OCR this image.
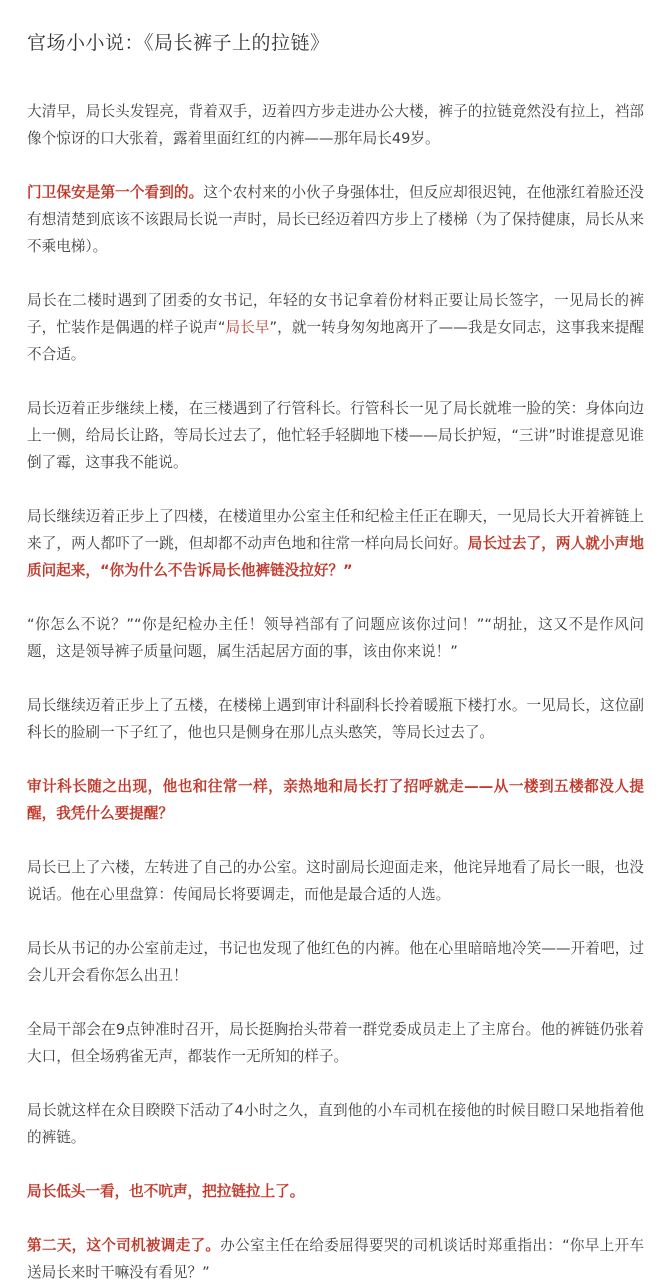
官场小小说：《局长裤子上的拉链》

大清早，局长头发锃亮，背着双手，迈着四方步走进办公大楼，裤子的拉链竟然没有拉上，裆部像个惊讶的口大张着，露着里面红红的内裤——那年局长49岁。

门卫保安是第一个看到的。这个农村来的小伙子身强体壮，但反应却很迟钝，在他涨红着脸还没有想清楚到底该不该跟局长说一声时，局长已经迈着四方步上了楼梯（为了保持健康，局长从来不乘电梯）。

局长在二楼时遇到了团委的女书记，年轻的女书记拿着份材料正要让局长签字，一见局长的裤子，忙装作是偶遇的样子说声“局长早”，就一转身匆匆地离开了——我是女同志，这事我来提醒不合适。

局长迈着正步继续上楼，在三楼遇到了行管科长。行管科长一见了局长就堆一脸的笑：身体向边上一侧，给局长让路，等局长过去了，他忙轻手轻脚地下楼——局长护短，“三讲”时谁提意见谁倒了霉，这事我不能说。

局长继续迈着正步上了四楼，在楼道里办公室主任和纪检主任正在聊天，一见局长大开着裤链上来了，两人都吓了一跳，但却都不动声色地和往常一样向局长问好。局长过去了，两人就小声地质问起来，“你为什么不告诉局长他裤链没拉好？”

“你怎么不说？”“你是纪检办主任！领导裆部有了问题应该你过问！”“胡扯，这又不是作风问题，这是领导裤子质量问题，属生活起居方面的事，该由你来说！”

局长继续迈着正步上了五楼，在楼梯上遇到审计科副科长拎着暖瓶下楼打水。一见局长，这位副科长的脸刷一下子红了，他也只是侧身在那儿点头憨笑，等局长过去了。

审计科长随之出现，他也和往常一样，亲热地和局长打了招呼就走——从一楼到五楼都没人提醒，我凭什么要提醒？

局长已上了六楼，左转进了自己的办公室。这时副局长迎面走来，他诧异地看了局长一眼，也没说话。他在心里盘算：传闻局长将要调走，而他是最合适的人选。

局长从书记的办公室前走过，书记也发现了他红色的内裤。他在心里暗暗地冷笑——开着吧，过会儿开会看你怎么出丑！

全局干部会在9点钟准时召开，局长挺胸抬头带着一群党委成员走上了主席台。他的裤链仍张着大口，但全场鸦雀无声，都装作一无所知的样子。

局长就这样在众目睽睽下活动了4小时之久，直到他的小车司机在接他的时候目瞪口呆地指着他的裤链。

局长低头一看，也不吭声，把拉链拉上了。

第二天，这个司机被调走了。办公室主任在给委屈得要哭的司机谈话时郑重指出：“你早上开车送局长来时干嘛没有看见？”
